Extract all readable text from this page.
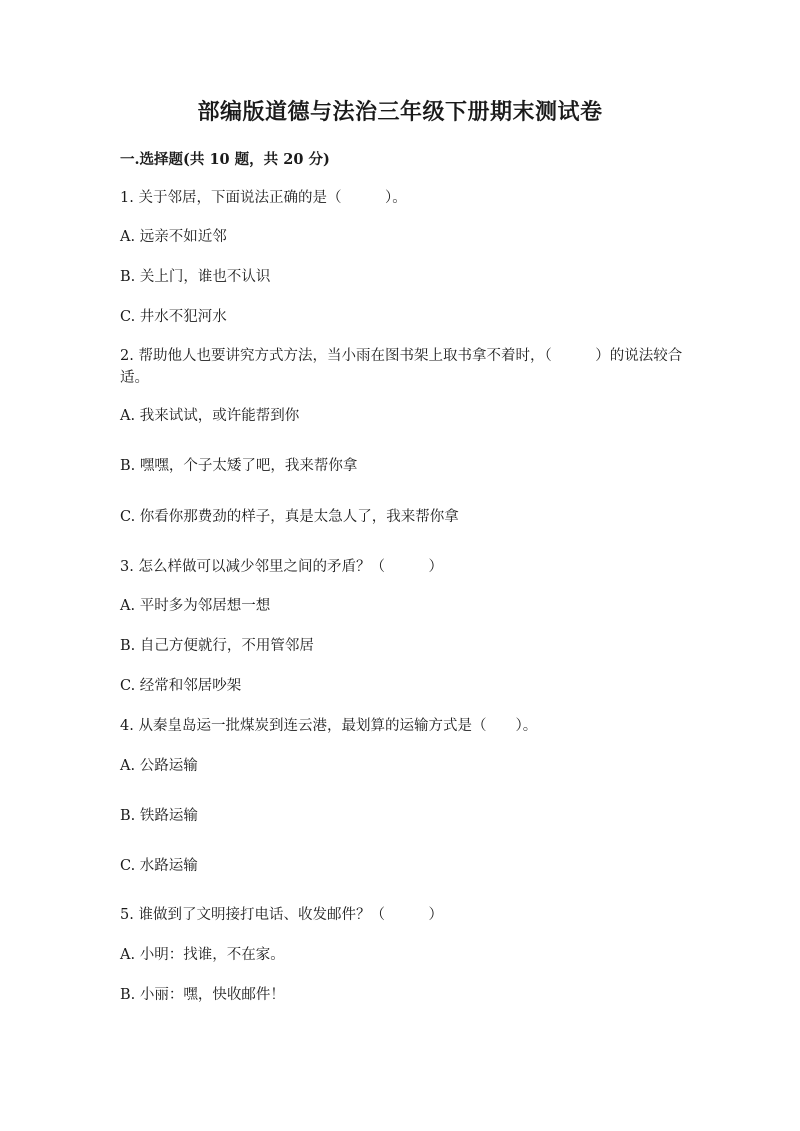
部编版道德与法治三年级下册期末测试卷
一.选择题(共 10 题，共 20 分)
1. 关于邻居，下面说法正确的是（　　　）。
A. 远亲不如近邻
B. 关上门，谁也不认识
C. 井水不犯河水
2. 帮助他人也要讲究方式方法，当小雨在图书架上取书拿不着时，（　　　）的说法较合适。
A. 我来试试，或许能帮到你
B. 嘿嘿，个子太矮了吧，我来帮你拿
C. 你看你那费劲的样子，真是太急人了，我来帮你拿
3. 怎么样做可以减少邻里之间的矛盾？（　　　）
A. 平时多为邻居想一想
B. 自己方便就行，不用管邻居
C. 经常和邻居吵架
4. 从秦皇岛运一批煤炭到连云港，最划算的运输方式是（　　）。
A. 公路运输
B. 铁路运输
C. 水路运输
5. 谁做到了文明接打电话、收发邮件？（　　　）
A. 小明：找谁，不在家。
B. 小丽：嘿，快收邮件！
